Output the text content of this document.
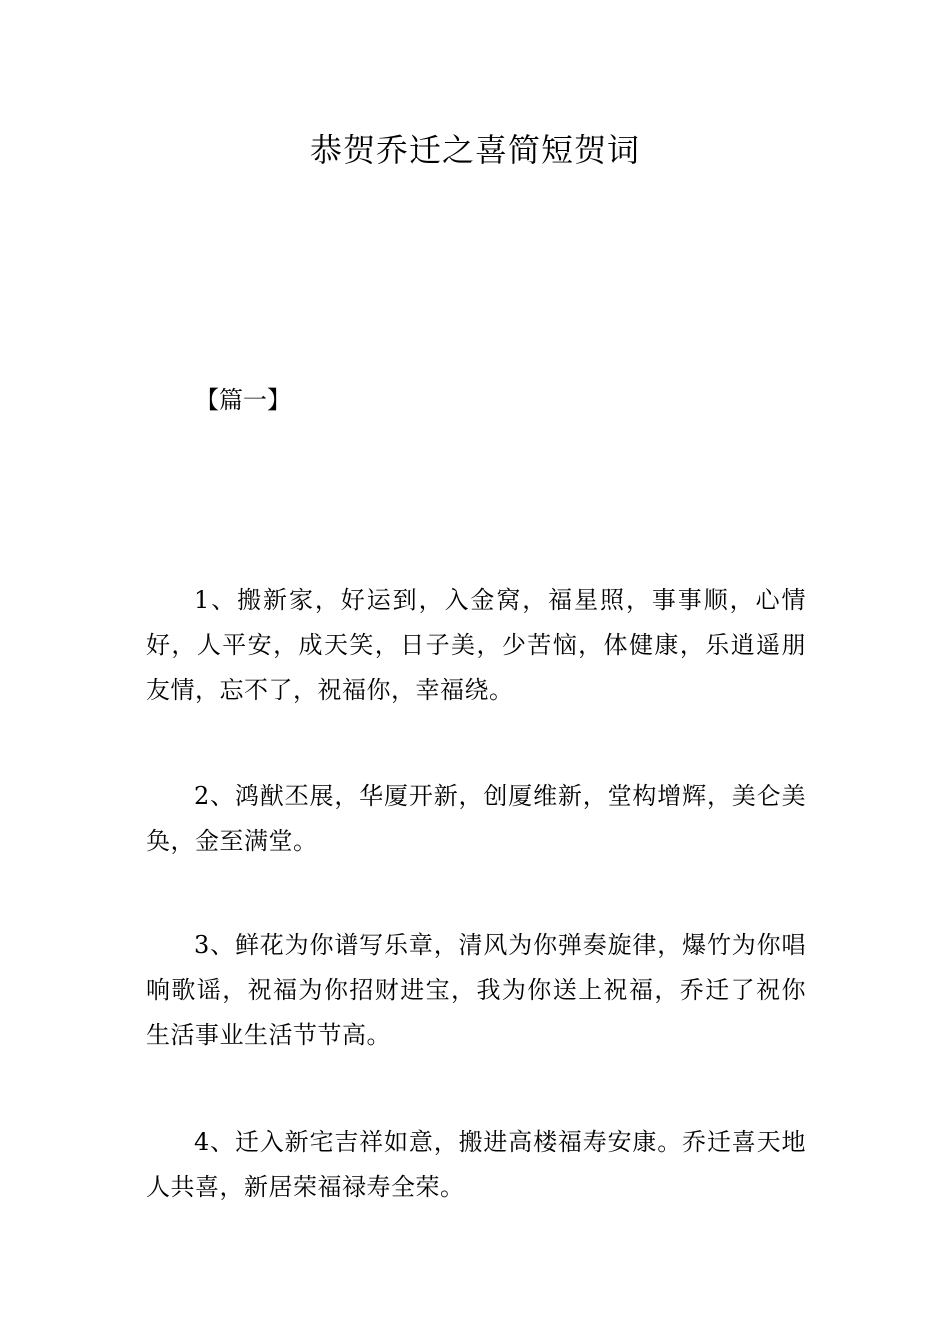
恭贺乔迁之喜简短贺词
【篇一】

1、搬新家，好运到，入金窝，福星照，事事顺，心情好，人平安，成天笑，日子美，少苦恼，体健康，乐逍遥朋友情，忘不了，祝福你，幸福绕。

2、鸿猷丕展，华厦开新，创厦维新，堂构增辉，美仑美奂，金至满堂。

3、鲜花为你谱写乐章，清风为你弹奏旋律，爆竹为你唱响歌谣，祝福为你招财进宝，我为你送上祝福，乔迁了祝你生活事业生活节节高。

4、迁入新宅吉祥如意，搬进高楼福寿安康。乔迁喜天地人共喜，新居荣福禄寿全荣。
